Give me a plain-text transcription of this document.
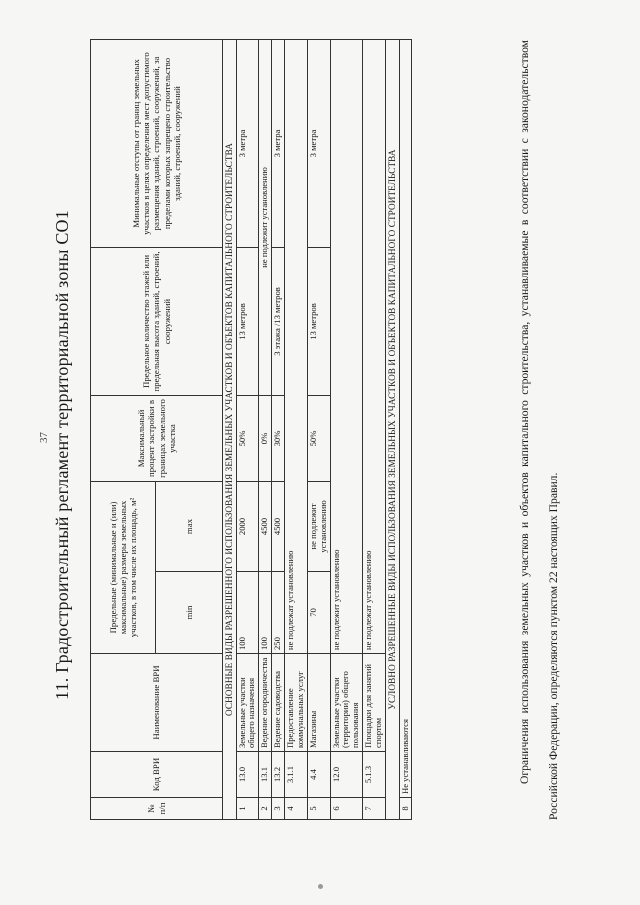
37 11. Градостроительный регламент территориальной зоны СО1
№ п/п	Код ВРИ	Наименование ВРИ	Предельные (минимальные и (или) максимальные) размеры земельных участков, в том числе их площадь, м²		Максимальный процент застройки в границах земельного участка	Предельное количество этажей или предельная высота зданий, строений, сооружений	Минимальные отступы от границ земельных участков в целях определения мест допустимого размещения зданий, строений, сооружений, за пределами которых запрещено строительство зданий, строений, сооружений
			min	max			
ОСНОВНЫЕ ВИДЫ РАЗРЕШЕННОГО ИСПОЛЬЗОВАНИЯ ЗЕМЕЛЬНЫХ УЧАСТКОВ И ОБЪЕКТОВ КАПИТАЛЬНОГО СТРОИТЕЛЬСТВА							
1	13.0	Земельные участки общего назначения	100	2000	50%	13 метров	3 метра
2	13.1	Ведение огородничества	100	4500	0%	не подлежит установлению	
3	13.2	Ведение садоводства	250	4500	30%	3 этажа /13 метров	3 метра
4	3.1.1	Предоставление коммунальных услуг	не подлежат установлению				
5	4.4	Магазины	70	не подлежит установлению	50%	13 метров	3 метра
6	12.0	Земельные участки (территории) общего пользования	не подлежит установлению				
7	5.1.3	Площадки для занятий спортом	не подлежат установлению				
УСЛОВНО РАЗРЕШЕННЫЕ ВИДЫ ИСПОЛЬЗОВАНИЯ ЗЕМЕЛЬНЫХ УЧАСТКОВ И ОБЪЕКТОВ КАПИТАЛЬНОГО СТРОИТЕЛЬСТВА							
8	Не устанавливаются							Ограничения использования земельных участков и объектов капитального строительства, устанавливаемые в соответствии с законодательством Российской Федерации, определяются пунктом 22 настоящих Правил.
